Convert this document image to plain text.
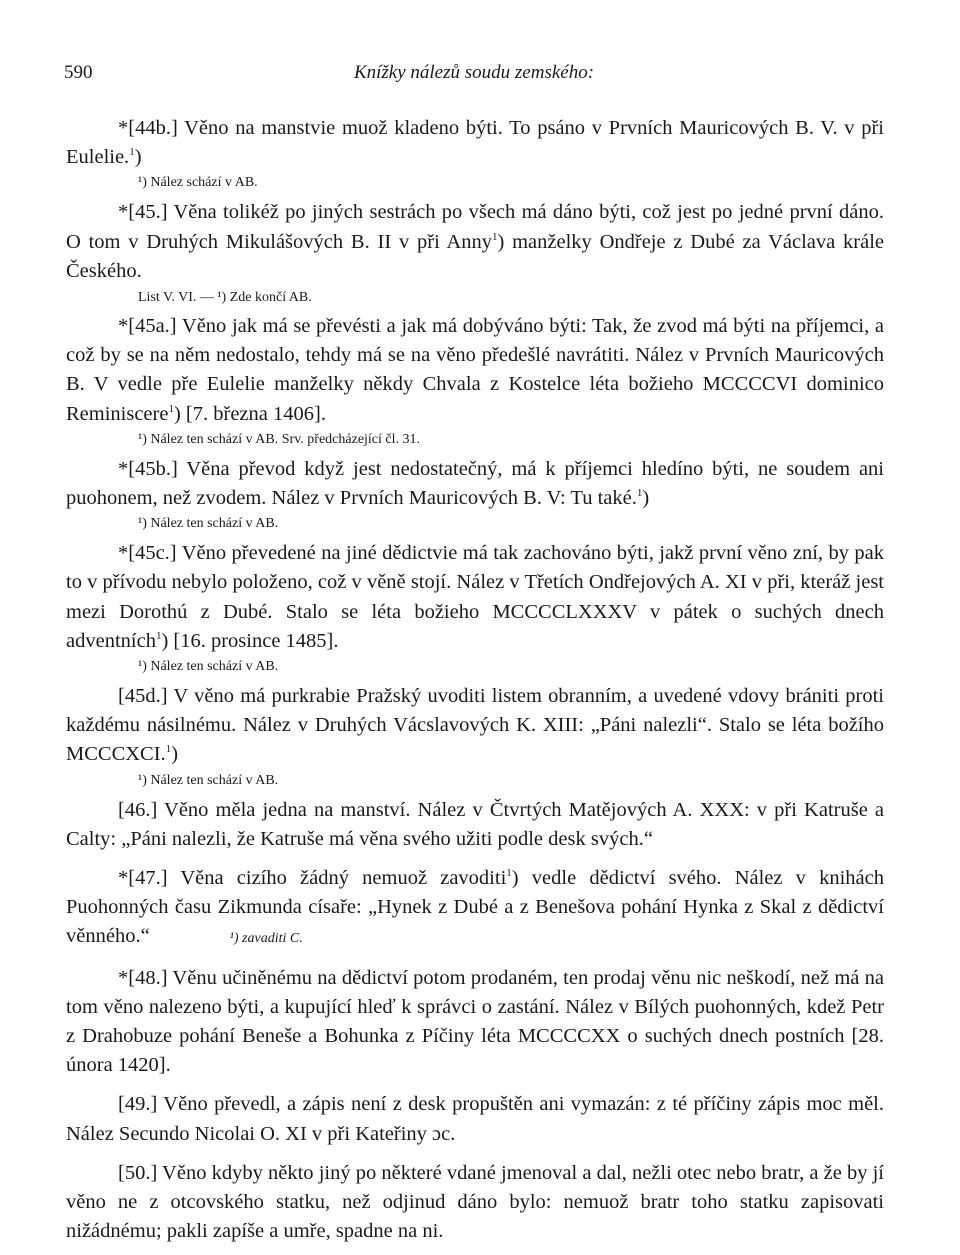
590	Knížky nálezů soudu zemského:

*[44b.] Věno na manstvie muož kladeno býti. To psáno v Prvních Mauricových B. V. v při Eulelie.$^1$)

¹) Nález schází v AB.

*[45.] Věna tolikéž po jiných sestrách po všech má dáno býti, což jest po jedné první dáno. O tom v Druhých Mikulášových B. II v při Anny$^1$) manželky Ondřeje z Dubé za Václava krále Českého.

List V. VI. — ¹) Zde končí AB.

*[45a.] Věno jak má se převésti a jak má dobýváno býti: Tak, že zvod má býti na příjemci, a což by se na něm nedostalo, tehdy má se na věno předešlé navrátiti. Nález v Prvních Mauricových B. V vedle pře Eulelie manželky někdy Chvala z Kostelce léta božieho MCCCCVI dominico Reminiscere$^1$) [7. března 1406].

¹) Nález ten schází v AB. Srv. předcházející čl. 31.

*[45b.] Věna převod když jest nedostatečný, má k příjemci hledíno býti, ne soudem ani puohonem, než zvodem. Nález v Prvních Mauricových B. V: Tu také.$^1$)

¹) Nález ten schází v AB.

*[45c.] Věno převedené na jiné dědictvie má tak zachováno býti, jakž první věno zní, by pak to v přívodu nebylo položeno, což v věně stojí. Nález v Třetích Ondřejových A. XI v při, kteráž jest mezi Dorothú z Dubé. Stalo se léta božieho MCCCCLXXXV v pátek o suchých dnech adventních$^1$) [16. prosince 1485].

¹) Nález ten schází v AB.

[45d.] V věno má purkrabie Pražský uvoditi listem obranním, a uvedené vdovy brániti proti každému násilnému. Nález v Druhých Vácslavových K. XIII: „Páni nalezli“. Stalo se léta božího MCCCXCI.$^1$)

¹) Nález ten schází v AB.

[46.] Věno měla jedna na manství. Nález v Čtvrtých Matějových A. XXX: v při Katruše a Calty: „Páni nalezli, že Katruše má věna svého užiti podle desk svých.“

*[47.] Věna cizího žádný nemuož zavoditi$^1$) vedle dědictví svého. Nález v knihách Puohonných času Zikmunda císaře: „Hynek z Dubé a z Benešova pohání Hynka z Skal z dědictví věnného.“	¹) zavaditi C.

*[48.] Věnu učiněnému na dědictví potom prodaném, ten prodaj věnu nic neškodí, než má na tom věno nalezeno býti, a kupující hleď k správci o zastání. Nález v Bílých puohonných, kdež Petr z Drahobuze pohání Beneše a Bohunka z Píčiny léta MCCCCXX o suchých dnech postních [28. února 1420].

[49.] Věno převedl, a zápis není z desk propuštěn ani vymazán: z té příčiny zápis moc měl. Nález Secundo Nicolai O. XI v při Kateřiny ɔc.

[50.] Věno kdyby někto jiný po některé vdané jmenoval a dal, nežli otec nebo bratr, a že by jí věno ne z otcovského statku, než odjinud dáno bylo: nemuož bratr toho statku zapisovati nižádnému; pakli zapíše a umře, spadne na ni.
